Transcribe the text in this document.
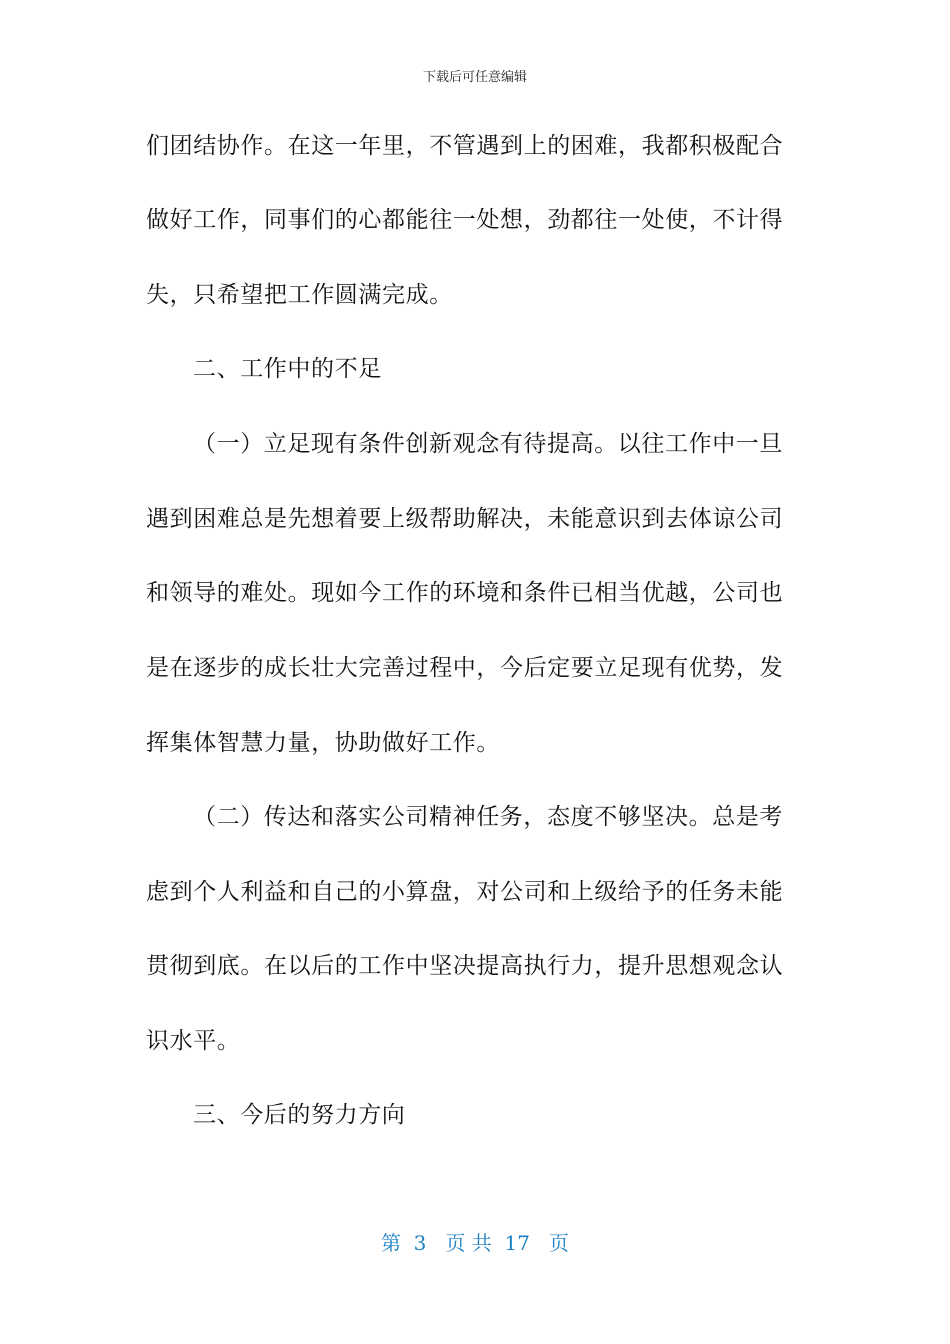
下载后可任意编辑
们团结协作。在这一年里，不管遇到上的困难，我都积极配合
做好工作，同事们的心都能往一处想，劲都往一处使，不计得
失，只希望把工作圆满完成。
二、工作中的不足
（一）立足现有条件创新观念有待提高。以往工作中一旦
遇到困难总是先想着要上级帮助解决，未能意识到去体谅公司
和领导的难处。现如今工作的环境和条件已相当优越，公司也
是在逐步的成长壮大完善过程中，今后定要立足现有优势，发
挥集体智慧力量，协助做好工作。
（二）传达和落实公司精神任务，态度不够坚决。总是考
虑到个人利益和自己的小算盘，对公司和上级给予的任务未能
贯彻到底。在以后的工作中坚决提高执行力，提升思想观念认
识水平。
三、今后的努力方向
第  3   页 共  17   页
